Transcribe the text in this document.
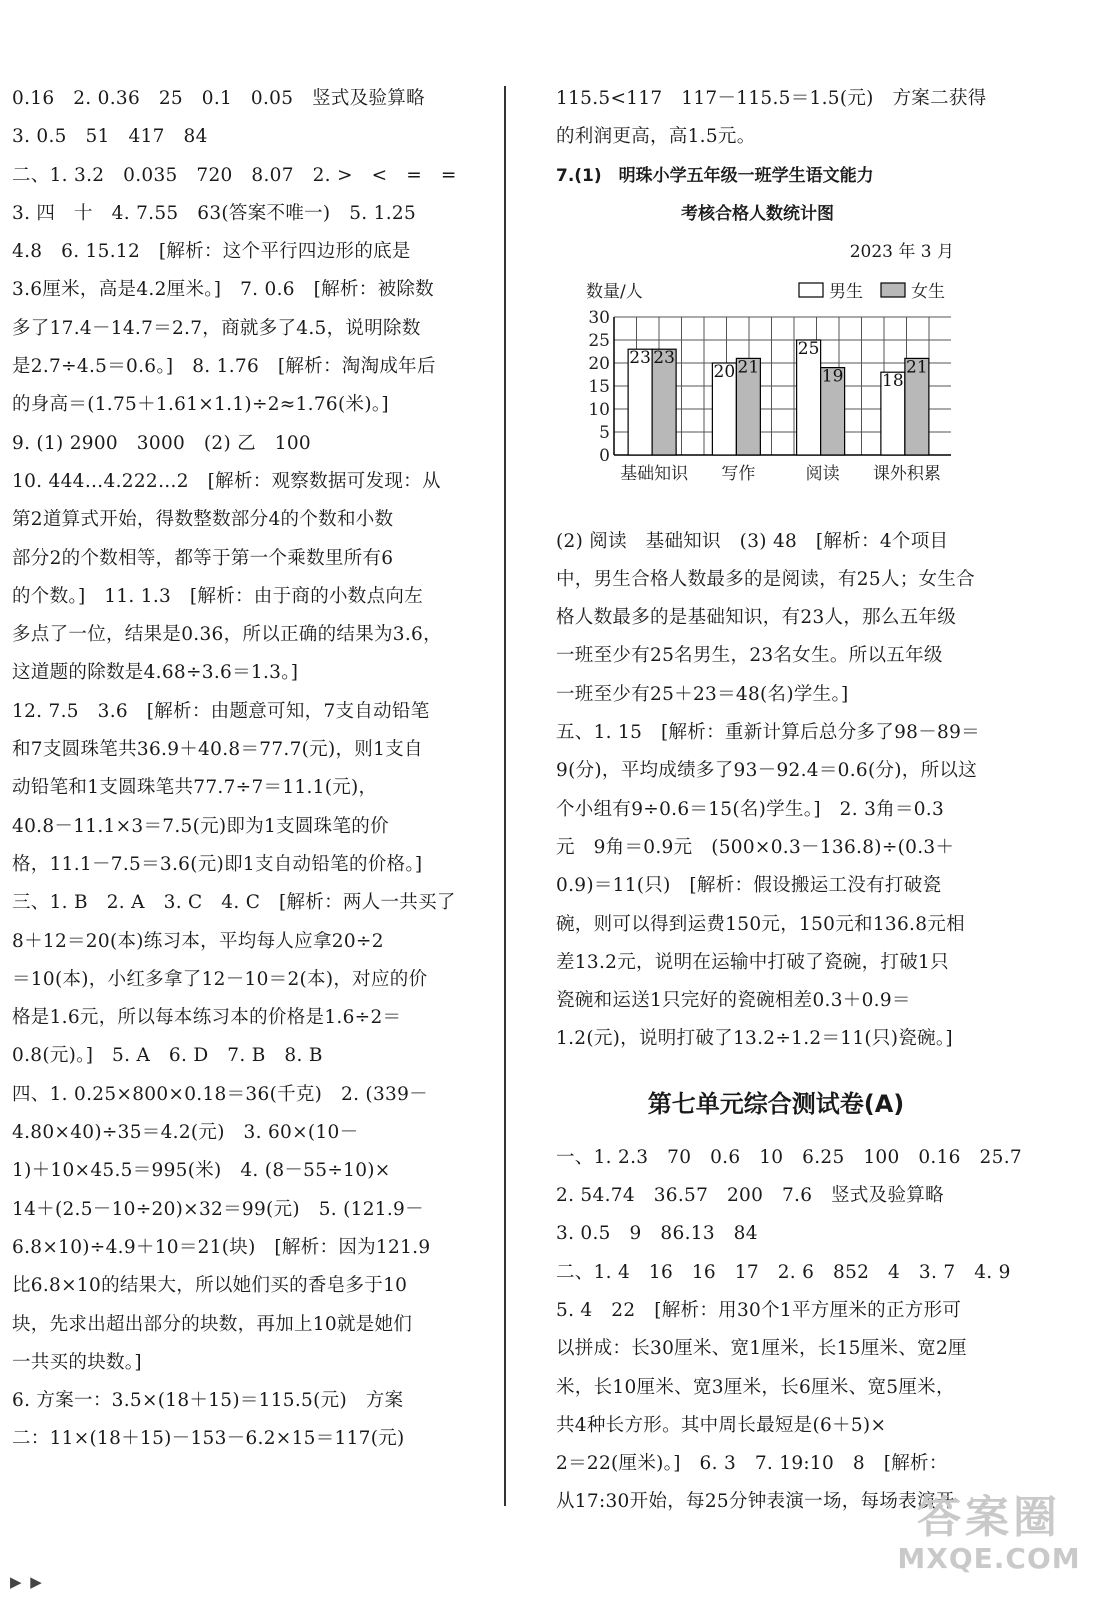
0.16　2. 0.36　25　0.1　0.05　竖式及验算略
3. 0.5　51　417　84
二、1. 3.2　0.035　720　8.07　2. >　<　=　=
3. 四　十　4. 7.55　63(答案不唯一)　5. 1.25
4.8　6. 15.12　[解析：这个平行四边形的底是
3.6厘米，高是4.2厘米。]　7. 0.6　[解析：被除数
多了17.4－14.7＝2.7，商就多了4.5，说明除数
是2.7÷4.5＝0.6。]　8. 1.76　[解析：淘淘成年后
的身高＝(1.75＋1.61×1.1)÷2≈1.76(米)。]
9. (1) 2900　3000　(2) 乙　100
10. 444…4.222…2　[解析：观察数据可发现：从
第2道算式开始，得数整数部分4的个数和小数
部分2的个数相等，都等于第一个乘数里所有6
的个数。]　11. 1.3　[解析：由于商的小数点向左
多点了一位，结果是0.36，所以正确的结果为3.6，
这道题的除数是4.68÷3.6＝1.3。]
12. 7.5　3.6　[解析：由题意可知，7支自动铅笔
和7支圆珠笔共36.9＋40.8＝77.7(元)，则1支自
动铅笔和1支圆珠笔共77.7÷7＝11.1(元)，
40.8－11.1×3＝7.5(元)即为1支圆珠笔的价
格，11.1－7.5＝3.6(元)即1支自动铅笔的价格。]
三、1. B　2. A　3. C　4. C　[解析：两人一共买了
8＋12＝20(本)练习本，平均每人应拿20÷2
＝10(本)，小红多拿了12－10＝2(本)，对应的价
格是1.6元，所以每本练习本的价格是1.6÷2＝
0.8(元)。]　5. A　6. D　7. B　8. B
四、1. 0.25×800×0.18＝36(千克)　2. (339－
4.80×40)÷35＝4.2(元)　3. 60×(10－
1)＋10×45.5＝995(米)　4. (8－55÷10)×
14＋(2.5－10÷20)×32＝99(元)　5. (121.9－
6.8×10)÷4.9＋10＝21(块)　[解析：因为121.9
比6.8×10的结果大，所以她们买的香皂多于10
块，先求出超出部分的块数，再加上10就是她们
一共买的块数。]
6. 方案一：3.5×(18＋15)＝115.5(元)　方案
二：11×(18＋15)－153－6.2×15＝117(元)
115.5<117　117－115.5＝1.5(元)　方案二获得
的利润更高，高1.5元。
7.(1)　明珠小学五年级一班学生语文能力
考核合格人数统计图
2023 年 3 月
0
5
10
15
20
25
30
数量/人	男生	女生
23 23
基础知识
20 21
写作
25
19
阅读
18
21
课外积累
(2) 阅读　基础知识　(3) 48　[解析：4个项目
中，男生合格人数最多的是阅读，有25人；女生合
格人数最多的是基础知识，有23人，那么五年级
一班至少有25名男生，23名女生。所以五年级
一班至少有25＋23＝48(名)学生。]
五、1. 15　[解析：重新计算后总分多了98－89＝
9(分)，平均成绩多了93－92.4＝0.6(分)，所以这
个小组有9÷0.6＝15(名)学生。]　2. 3角＝0.3
元　9角＝0.9元　(500×0.3－136.8)÷(0.3＋
0.9)＝11(只)　[解析：假设搬运工没有打破瓷
碗，则可以得到运费150元，150元和136.8元相
差13.2元，说明在运输中打破了瓷碗，打破1只
瓷碗和运送1只完好的瓷碗相差0.3＋0.9＝
1.2(元)，说明打破了13.2÷1.2＝11(只)瓷碗。]
第七单元综合测试卷(A)
一、1. 2.3　70　0.6　10　6.25　100　0.16　25.7
2. 54.74　36.57　200　7.6　竖式及验算略
3. 0.5　9　86.13　84
二、1. 4　16　16　17　2. 6　852　4　3. 7　4. 9
5. 4　22　[解析：用30个1平方厘米的正方形可
以拼成：长30厘米、宽1厘米，长15厘米、宽2厘
米，长10厘米、宽3厘米，长6厘米、宽5厘米，
共4种长方形。其中周长最短是(6＋5)×
2＝22(厘米)。]　6. 3　7. 19:10　8　[解析：
从17:30开始，每25分钟表演一场，每场表演开
▶ ▶
答案圈
MXQE.COM
